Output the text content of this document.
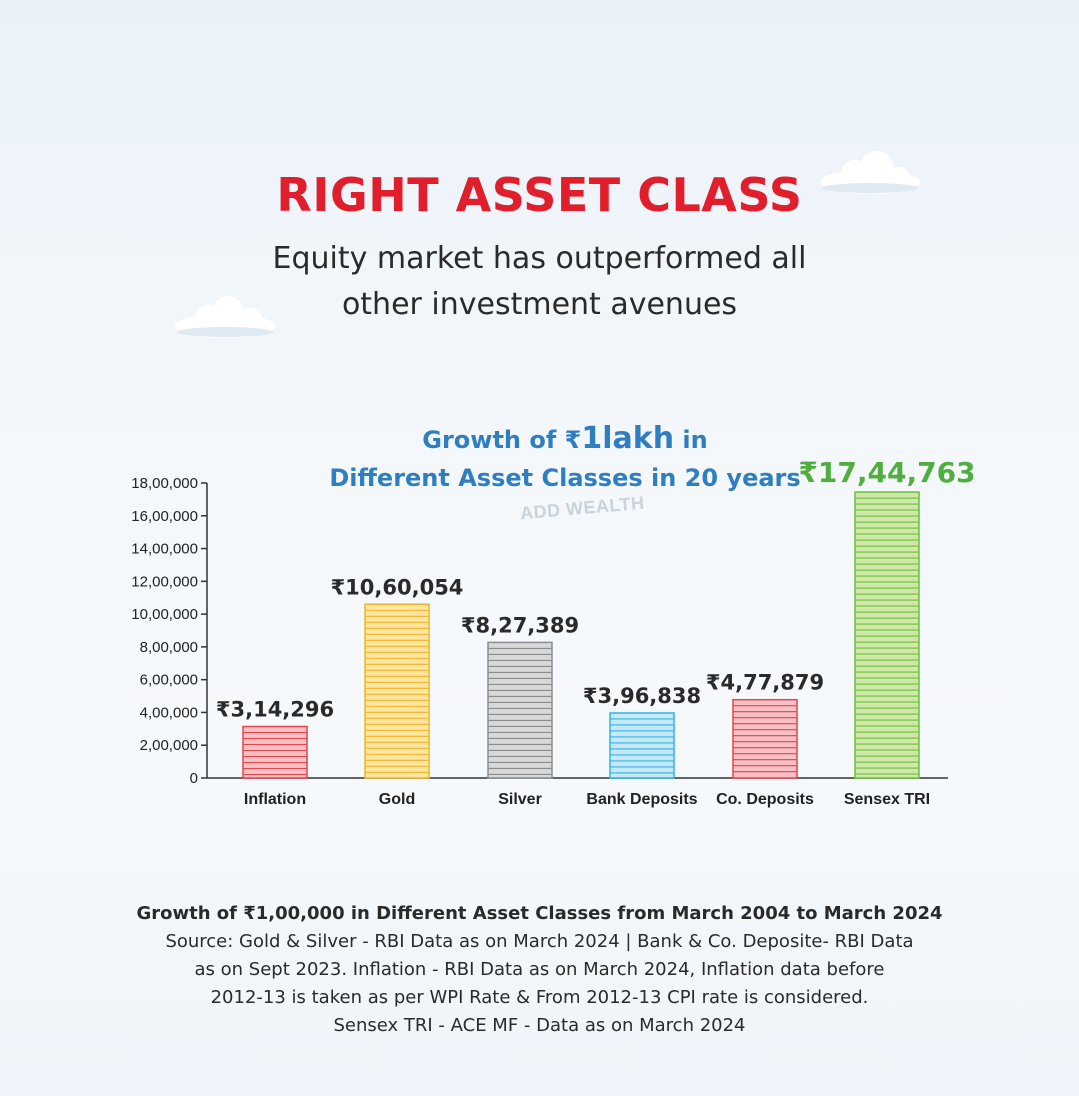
RIGHT ASSET CLASS
Equity market has outperformed all
other investment avenues
Growth of ₹1lakh in
Different Asset Classes in 20 years
ADD WEALTH
0
2,00,000
4,00,000
6,00,000
8,00,000
10,00,000
12,00,000
14,00,000
16,00,000
18,00,000
Inflation
₹3,14,296
Gold
₹10,60,054
Silver
₹8,27,389
Bank Deposits
₹3,96,838
Co. Deposits
₹4,77,879
Sensex TRI
₹17,44,763
Growth of ₹1,00,000 in Different Asset Classes from March 2004 to March 2024
Source: Gold & Silver - RBI Data as on March 2024 | Bank & Co. Deposite- RBI Data
as on Sept 2023. Inflation - RBI Data as on March 2024, Inflation data before
2012-13 is taken as per WPI Rate & From 2012-13 CPI rate is considered.
Sensex TRI - ACE MF - Data as on March 2024
